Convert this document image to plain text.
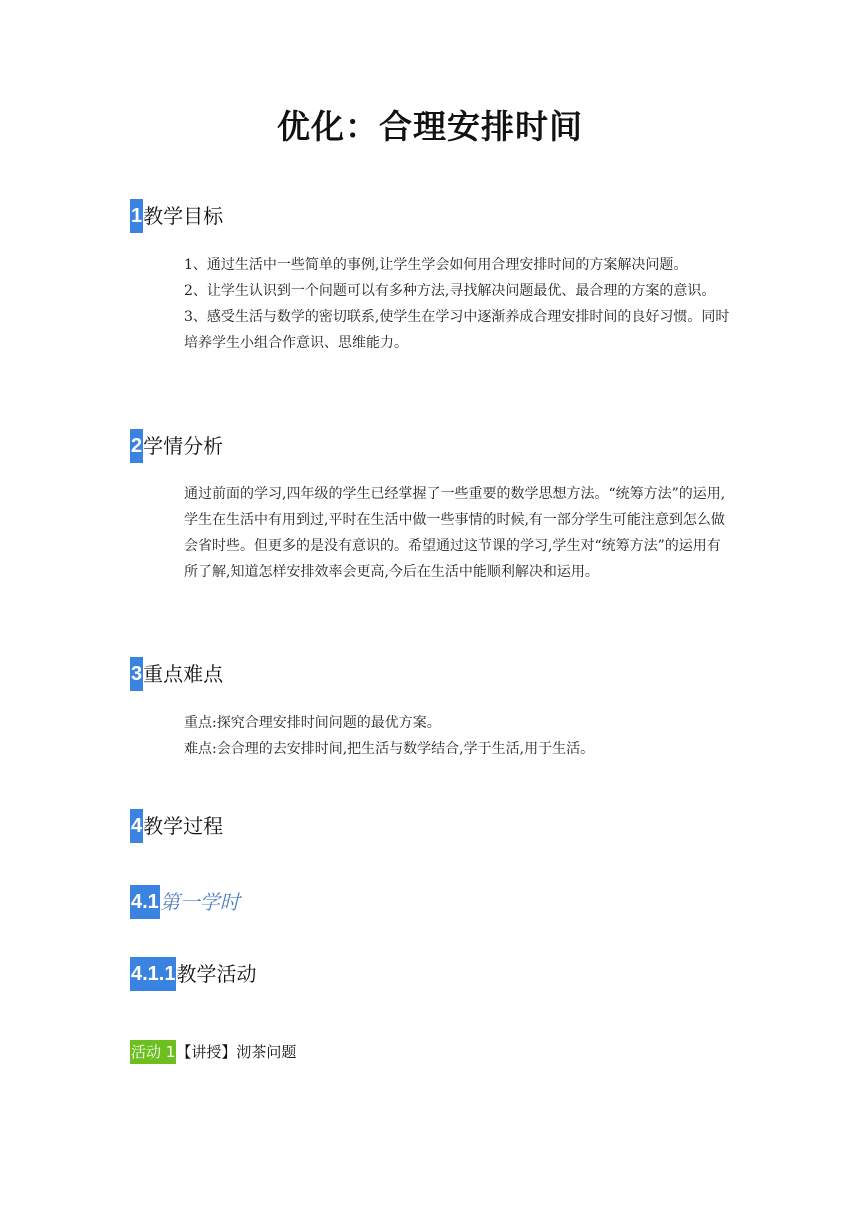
优化：合理安排时间
1 教学目标

1、通过生活中一些简单的事例,让学生学会如何用合理安排时间的方案解决问题。

2、让学生认识到一个问题可以有多种方法,寻找解决问题最优、最合理的方案的意识。

3、感受生活与数学的密切联系,使学生在学习中逐渐养成合理安排时间的良好习惯。同时培养学生小组合作意识、思维能力。

2 学情分析

通过前面的学习,四年级的学生已经掌握了一些重要的数学思想方法。“统筹方法”的运用,学生在生活中有用到过,平时在生活中做一些事情的时候,有一部分学生可能注意到怎么做会省时些。但更多的是没有意识的。希望通过这节课的学习,学生对“统筹方法”的运用有所了解,知道怎样安排效率会更高,今后在生活中能顺利解决和运用。

3 重点难点

重点:探究合理安排时间问题的最优方案。

难点:会合理的去安排时间,把生活与数学结合,学于生活,用于生活。

4 教学过程
4.1 第一学时
4.1.1 教学活动
活动 1 【讲授】沏茶问题
